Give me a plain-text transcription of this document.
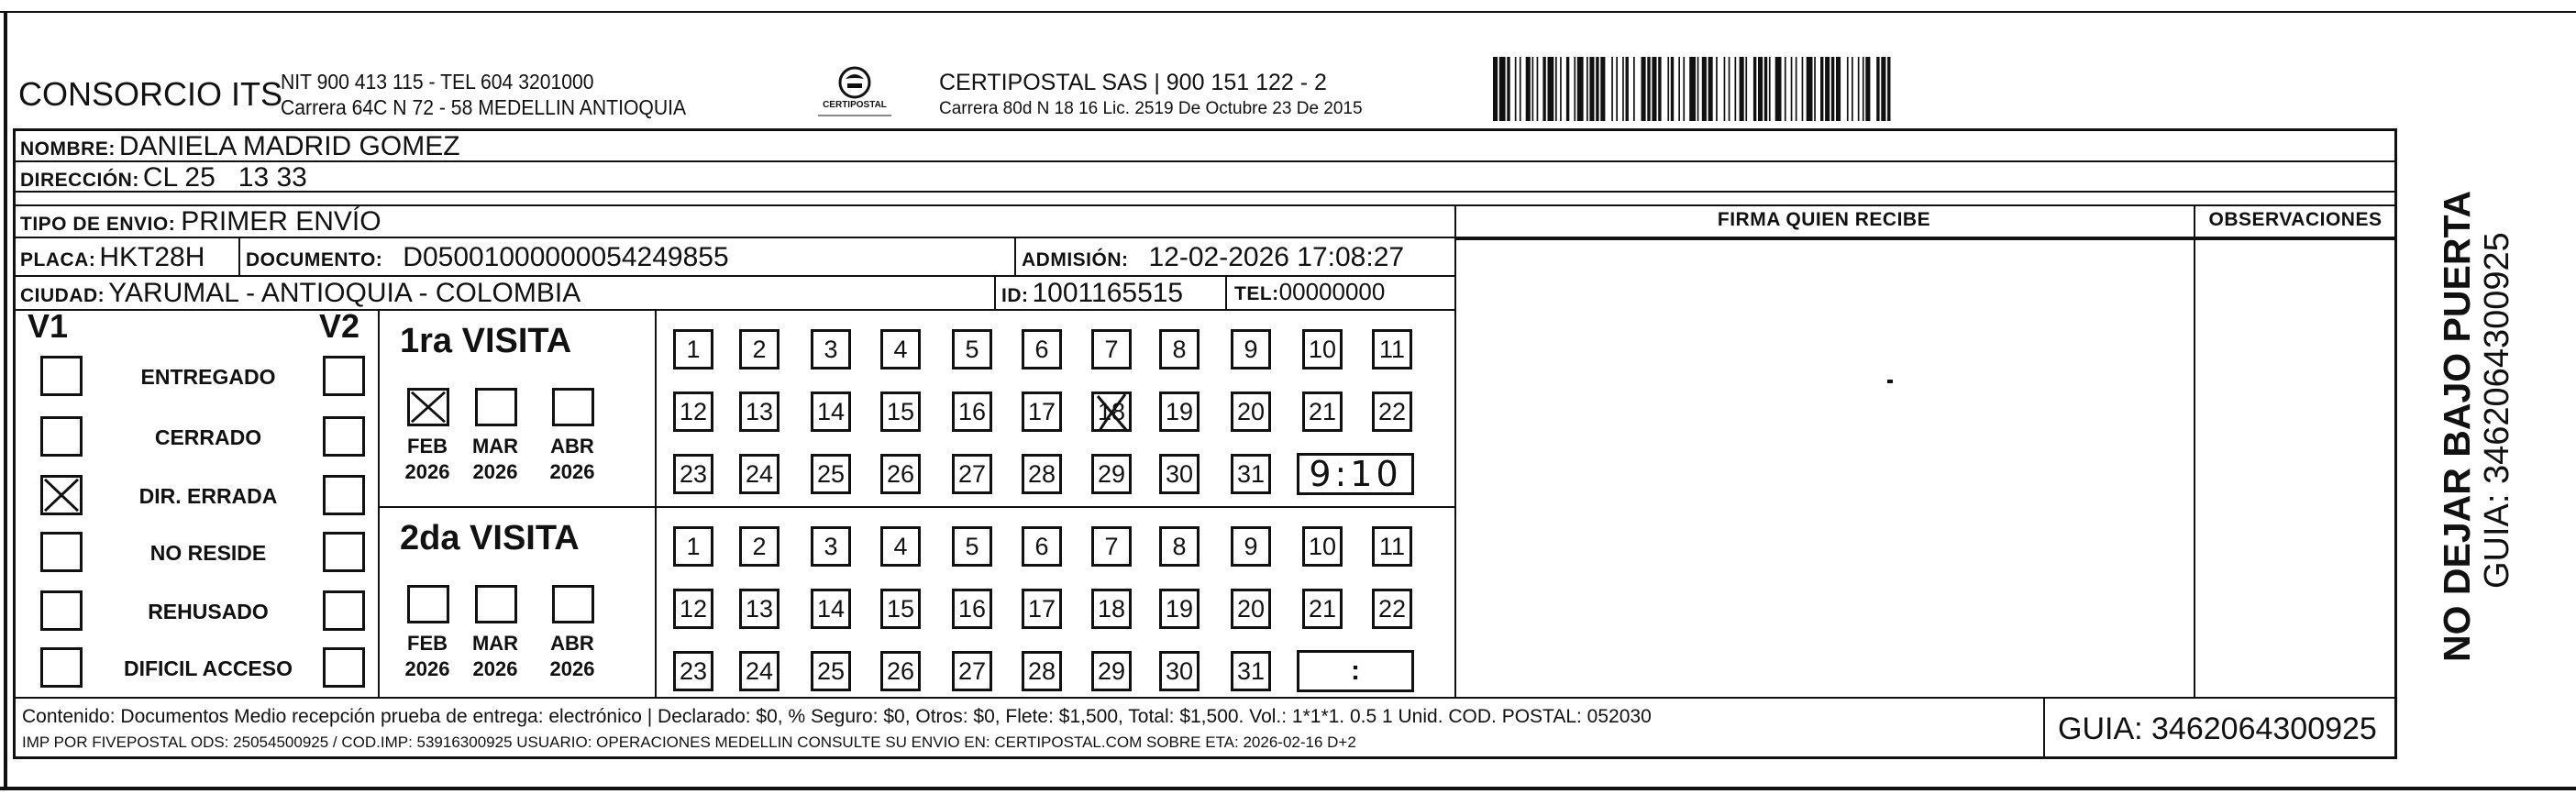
CONSORCIO ITS
NIT 900 413 115 - TEL 604 3201000
Carrera 64C N 72 - 58 MEDELLIN ANTIOQUIA	CERTIPOSTAL
CERTIPOSTAL SAS | 900 151 122 - 2
Carrera 80d N 18 16 Lic. 2519 De Octubre 23 De 2015
NOMBRE: DANIELA MADRID GOMEZ
DIRECCIÓN: CL 25   13 33
TIPO DE ENVIO: PRIMER ENVÍO
PLACA: HKT28H DOCUMENTO: D05001000000054249855	ADMISIÓN: 12-02-2026 17:08:27
CIUDAD: YARUMAL - ANTIOQUIA - COLOMBIA	ID: 1001165515	TEL: 00000000
FIRMA QUIEN RECIBE	OBSERVACIONES
V1	V2
ENTREGADO
CERRADO
DIR. ERRADA
NO RESIDE
REHUSADO
DIFICIL ACCESO
1ra VISITA
FEB
2026
MAR
2026
ABR
2026
1	2	3	4	5	6	7	8	9	10 11
12 13 14 15 16 17 18 19 20 21 22
23 24 25 26 27 28 29 30 31	9:10
2da VISITA
FEB
2026
MAR
2026
ABR
2026
1	2	3	4	5	6	7	8	9	10 11
12 13 14 15 16 17 18 19 20 21 22
23 24 25 26 27 28 29 30 31	:
Contenido: Documentos Medio recepción prueba de entrega: electrónico | Declarado: $0, % Seguro: $0, Otros: $0, Flete: $1,500, Total: $1,500. Vol.: 1*1*1. 0.5 1 Unid. COD. POSTAL: 052030
IMP POR FIVEPOSTAL ODS: 25054500925 / COD.IMP: 53916300925 USUARIO: OPERACIONES MEDELLIN CONSULTE SU ENVIO EN: CERTIPOSTAL.COM SOBRE ETA: 2026-02-16 D+2	GUIA: 3462064300925
NO DEJAR BAJO PUERTA GUIA: 3462064300925
